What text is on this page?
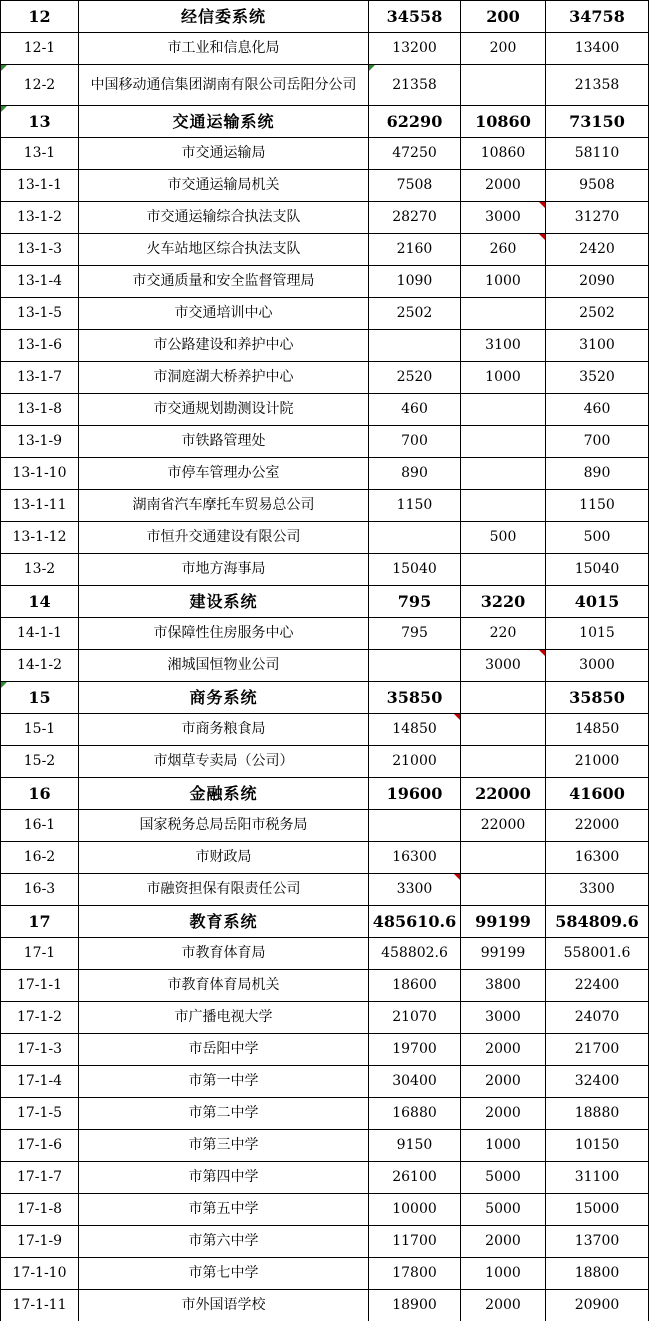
12	经信委系统	34558	200	34758
12-1	市工业和信息化局	13200	200	13400
12-2	中国移动通信集团湖南有限公司岳阳分公司	21358		21358
13	交通运输系统	62290	10860	73150
13-1	市交通运输局	47250	10860	58110
13-1-1	市交通运输局机关	7508	2000	9508
13-1-2	市交通运输综合执法支队	28270	3000	31270
13-1-3	火车站地区综合执法支队	2160	260	2420
13-1-4	市交通质量和安全监督管理局	1090	1000	2090
13-1-5	市交通培训中心	2502		2502
13-1-6	市公路建设和养护中心		3100	3100
13-1-7	市洞庭湖大桥养护中心	2520	1000	3520
13-1-8	市交通规划勘测设计院	460		460
13-1-9	市铁路管理处	700		700
13-1-10	市停车管理办公室	890		890
13-1-11	湖南省汽车摩托车贸易总公司	1150		1150
13-1-12	市恒升交通建设有限公司		500	500
13-2	市地方海事局	15040		15040
14	建设系统	795	3220	4015
14-1-1	市保障性住房服务中心	795	220	1015
14-1-2	湘城国恒物业公司		3000	3000
15	商务系统	35850		35850
15-1	市商务粮食局	14850		14850
15-2	市烟草专卖局（公司）	21000		21000
16	金融系统	19600	22000	41600
16-1	国家税务总局岳阳市税务局		22000	22000
16-2	市财政局	16300		16300
16-3	市融资担保有限责任公司	3300		3300
17	教育系统	485610.6	99199	584809.6
17-1	市教育体育局	458802.6	99199	558001.6
17-1-1	市教育体育局机关	18600	3800	22400
17-1-2	市广播电视大学	21070	3000	24070
17-1-3	市岳阳中学	19700	2000	21700
17-1-4	市第一中学	30400	2000	32400
17-1-5	市第二中学	16880	2000	18880
17-1-6	市第三中学	9150	1000	10150
17-1-7	市第四中学	26100	5000	31100
17-1-8	市第五中学	10000	5000	15000
17-1-9	市第六中学	11700	2000	13700
17-1-10	市第七中学	17800	1000	18800
17-1-11	市外国语学校	18900	2000	20900
